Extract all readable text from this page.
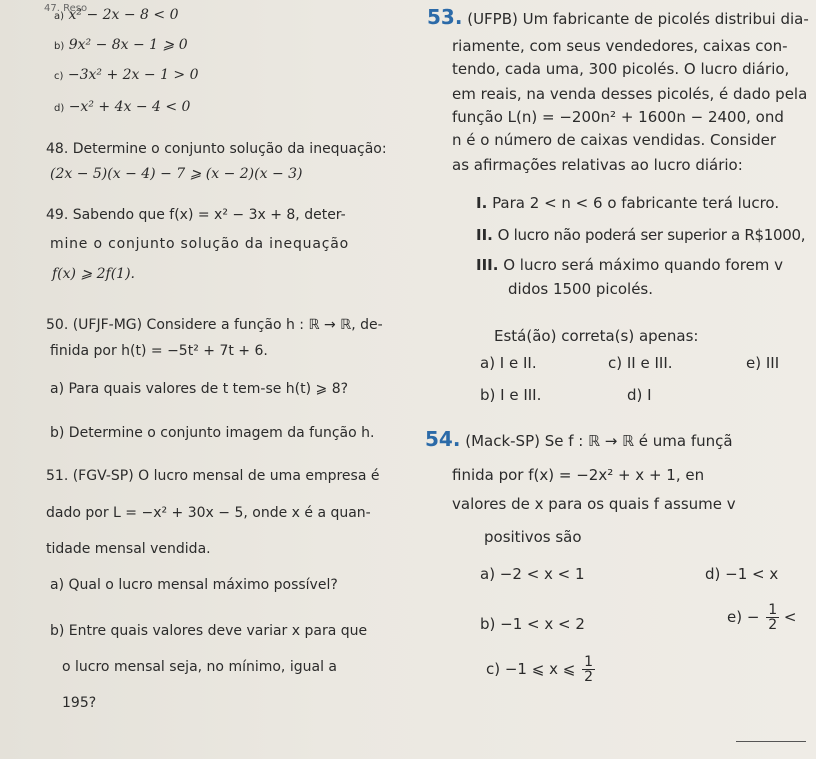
47. Reso
a) x² − 2x − 8 < 0
b) 9x² − 8x − 1 ⩾ 0
c) −3x² + 2x − 1 > 0
d) −x² + 4x − 4 < 0
48. Determine o conjunto solução da inequação:
(2x − 5)(x − 4) − 7 ⩾ (x − 2)(x − 3)
49. Sabendo que f(x) = x² − 3x + 8, deter-
mine o conjunto solução da inequação
f(x) ⩾ 2f(1).
50. (UFJF-MG) Considere a função h : ℝ → ℝ, de-
finida por h(t) = −5t² + 7t + 6.
a) Para quais valores de t tem-se h(t) ⩾ 8?
b) Determine o conjunto imagem da função h.
51. (FGV-SP) O lucro mensal de uma empresa é
dado por L = −x² + 30x − 5, onde x é a quan-
tidade mensal vendida.
a) Qual o lucro mensal máximo possível?
b) Entre quais valores deve variar x para que
o lucro mensal seja, no mínimo, igual a
195?
53. (UFPB) Um fabricante de picolés distribui dia-
riamente, com seus vendedores, caixas con-
tendo, cada uma, 300 picolés. O lucro diário,
em reais, na venda desses picolés, é dado pela
função L(n) = −200n² + 1600n − 2400, ond
n é o número de caixas vendidas. Consider
as afirmações relativas ao lucro diário:
I. Para 2 < n < 6 o fabricante terá lucro.
II. O lucro não poderá ser superior a R$1000,
III. O lucro será máximo quando forem v
didos 1500 picolés.
Está(ão) correta(s) apenas:
a) I e II.	c) II e III.	e) III
b) I e III.	d) I
54. (Mack-SP) Se f : ℝ → ℝ é uma funçã
finida por f(x) = −2x² + x + 1, en
valores de x para os quais f assume v
positivos são
a) −2 < x < 1	d) −1 < x
b) −1 < x < 2	$e) - \frac{1}{2}$ <
c) −1 ⩽ x ⩽ $\frac{1}{2}$
